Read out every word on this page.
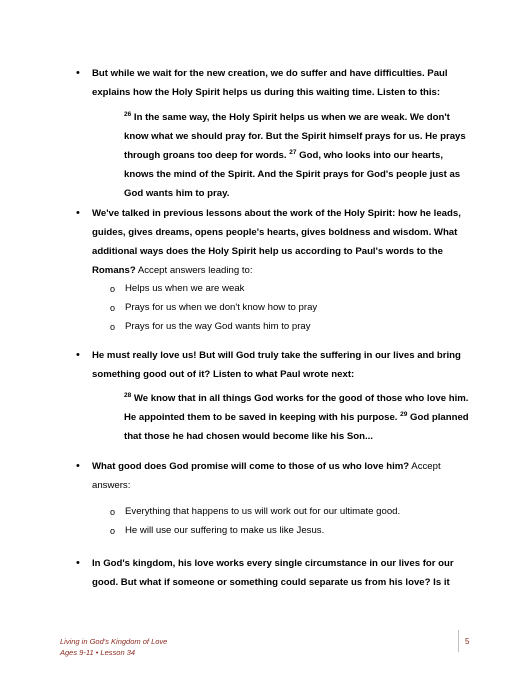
• But while we wait for the new creation, we do suffer and have difficulties. Paul explains how the Holy Spirit helps us during this waiting time. Listen to this:
$^{26}$ In the same way, the Holy Spirit helps us when we are weak. We don't know what we should pray for. But the Spirit himself prays for us. He prays through groans too deep for words. $^{27}$ God, who looks into our hearts, knows the mind of the Spirit. And the Spirit prays for God's people just as God wants him to pray.
• We've talked in previous lessons about the work of the Holy Spirit: how he leads, guides, gives dreams, opens people's hearts, gives boldness and wisdom. What additional ways does the Holy Spirit help us according to Paul's words to the Romans? Accept answers leading to:
o Helps us when we are weak
o Prays for us when we don't know how to pray
o Prays for us the way God wants him to pray
• He must really love us! But will God truly take the suffering in our lives and bring something good out of it? Listen to what Paul wrote next:
$^{28}$ We know that in all things God works for the good of those who love him. He appointed them to be saved in keeping with his purpose. $^{29}$ God planned that those he had chosen would become like his Son...
• What good does God promise will come to those of us who love him? Accept answers:
o Everything that happens to us will work out for our ultimate good.
o He will use our suffering to make us like Jesus.
• In God's kingdom, his love works every single circumstance in our lives for our good. But what if someone or something could separate us from his love? Is it
Living in God's Kingdom of Love
Ages 9-11 • Lesson 34
5
